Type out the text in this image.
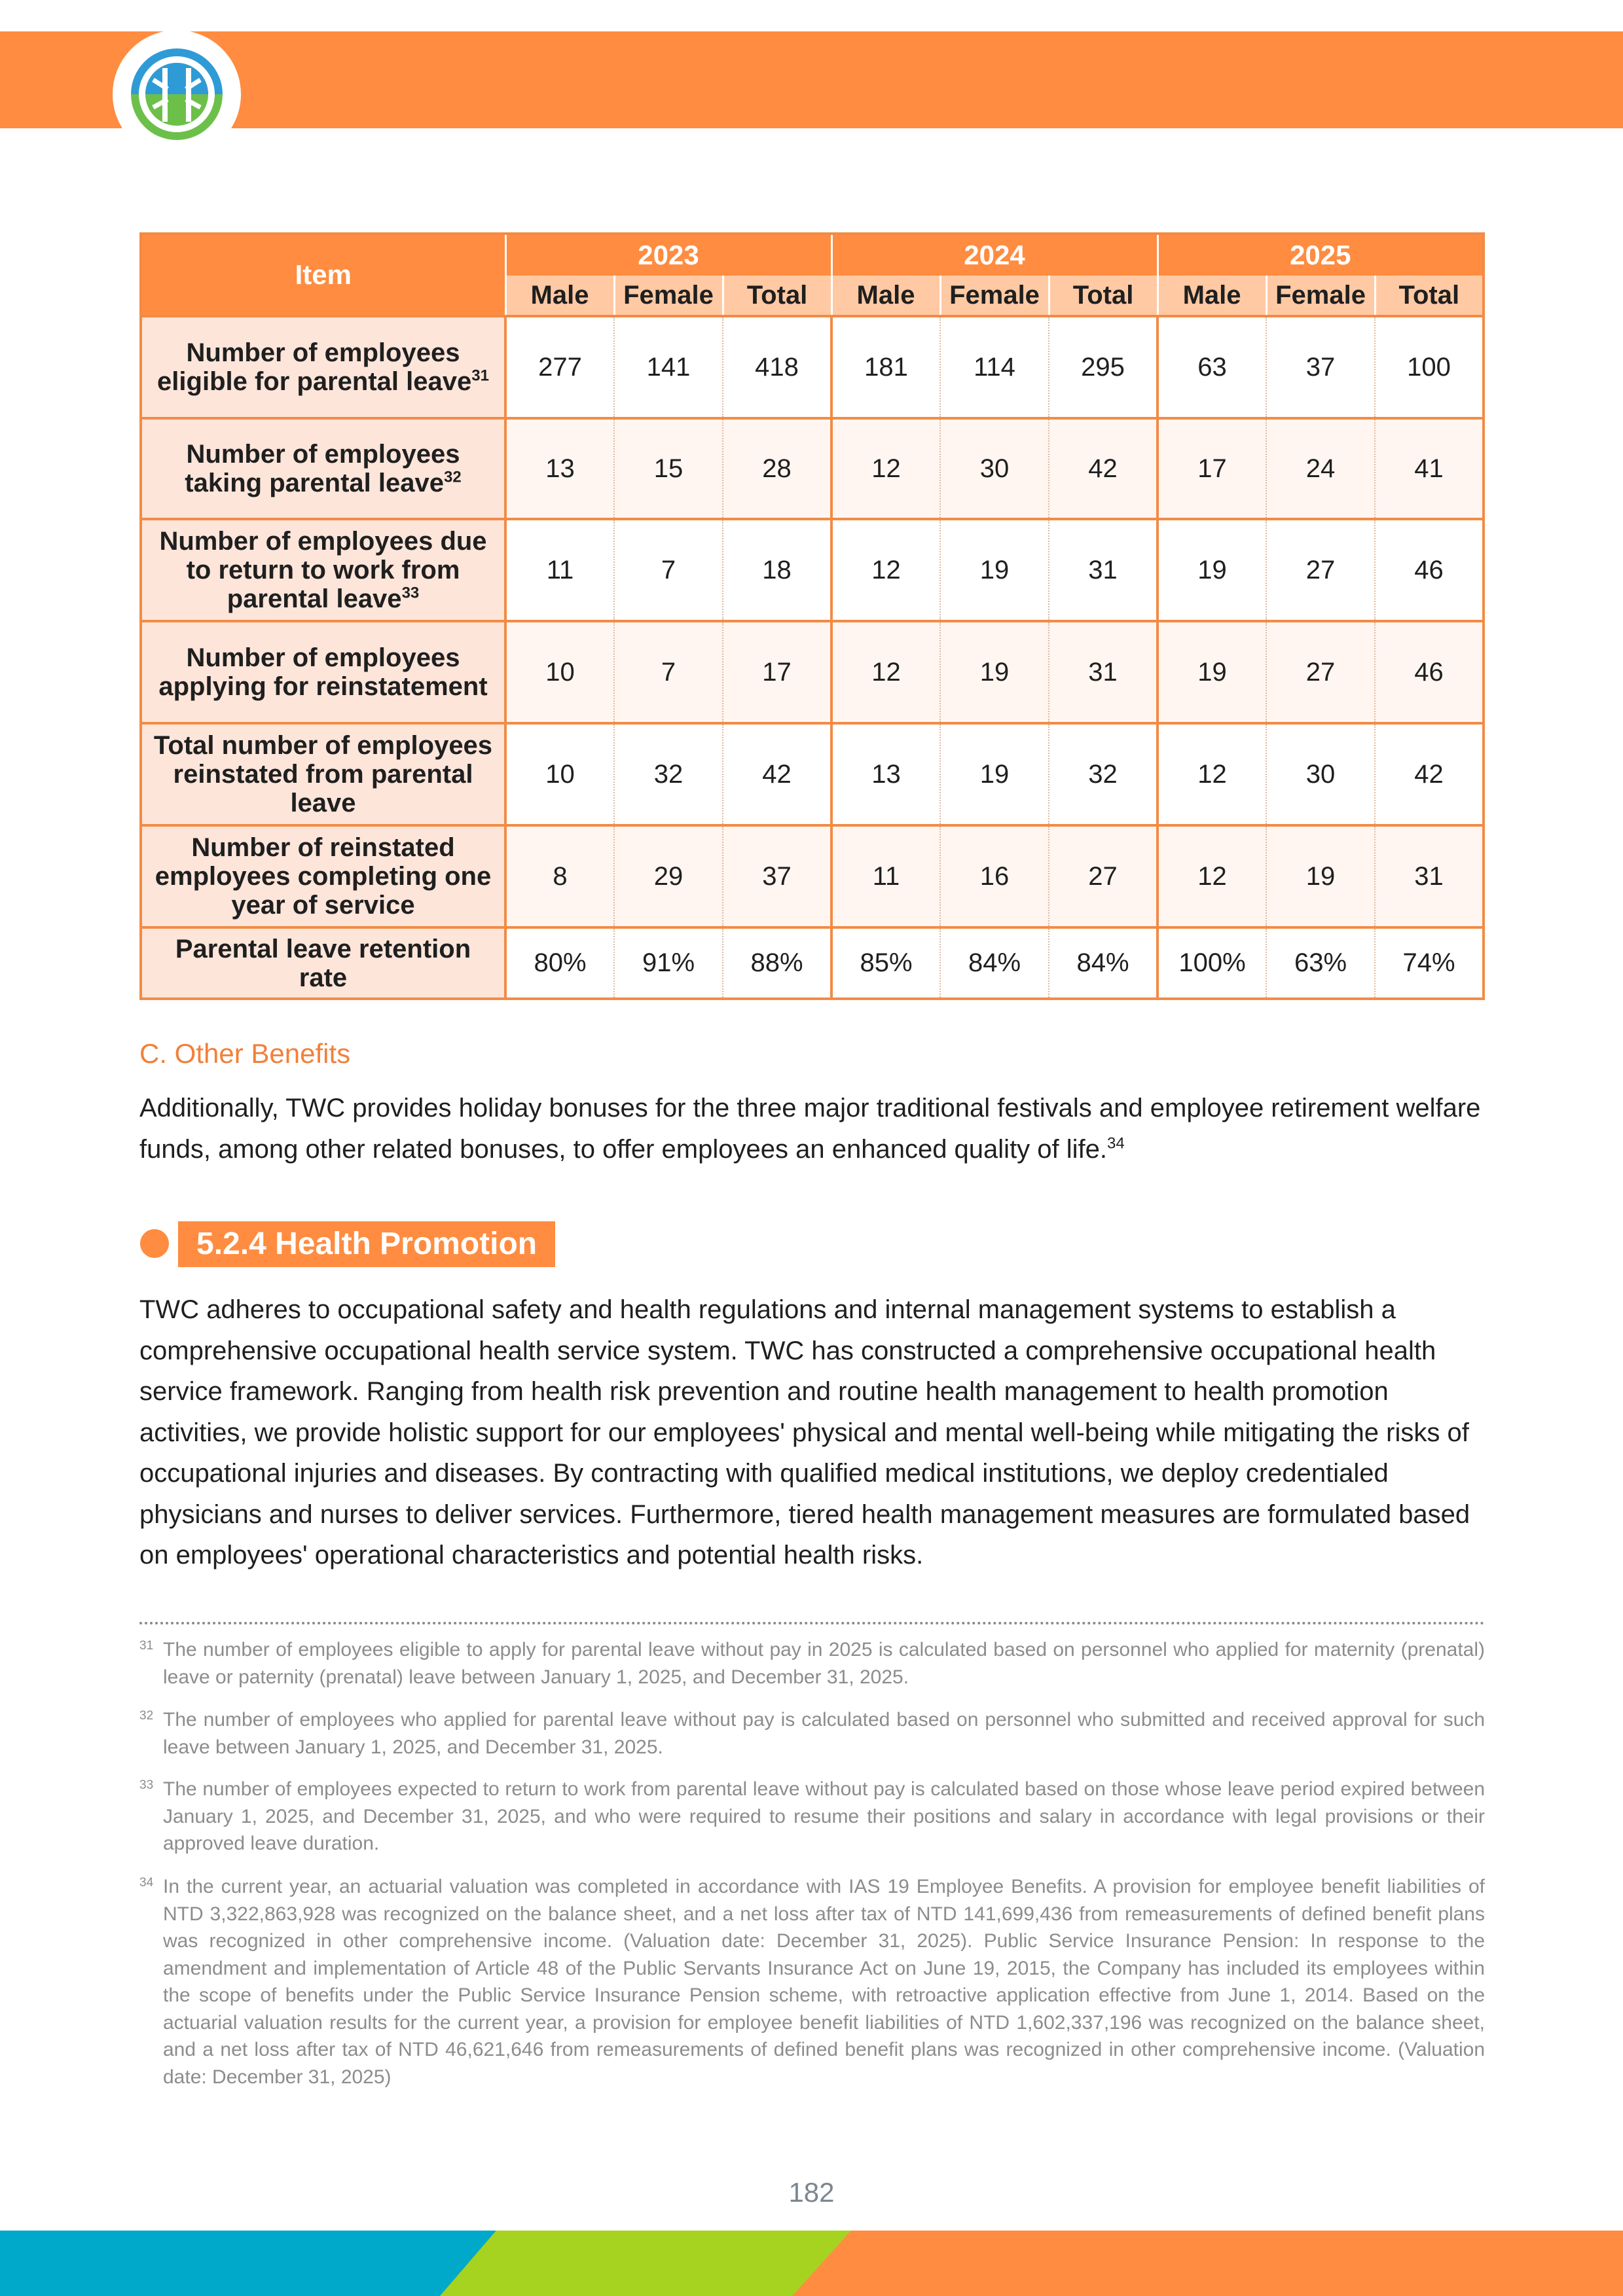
Item	2023			2024			2025		
	Male	Female	Total	Male	Female	Total	Male	Female	Total
Number of employees eligible for parental leave$^{31}$	277	141	418	181	114	295	63	37	100
Number of employees taking parental leave$^{32}$	13	15	28	12	30	42	17	24	41
Number of employees due to return to work from parental leave$^{33}$	11	7	18	12	19	31	19	27	46
Number of employees applying for reinstatement	10	7	17	12	19	31	19	27	46
Total number of employees reinstated from parental leave	10	32	42	13	19	32	12	30	42
Number of reinstated employees completing one year of service	8	29	37	11	16	27	12	19	31
Parental leave retention rate	80%	91%	88%	85%	84%	84%	100%	63%	74%
C. Other Benefits
Additionally, TWC provides holiday bonuses for the three major traditional festivals and employee retirement welfare funds, among other related bonuses, to offer employees an enhanced quality of life.$^{34}$
5.2.4 Health Promotion
TWC adheres to occupational safety and health regulations and internal management systems to establish a comprehensive occupational health service system. TWC has constructed a comprehensive occupational health service framework. Ranging from health risk prevention and routine health management to health promotion activities, we provide holistic support for our employees' physical and mental well-being while mitigating the risks of occupational injuries and diseases. By contracting with qualified medical institutions, we deploy credentialed physicians and nurses to deliver services. Furthermore, tiered health management measures are formulated based on employees' operational characteristics and potential health risks.
31 The number of employees eligible to apply for parental leave without pay in 2025 is calculated based on personnel who applied for maternity (prenatal) leave or paternity (prenatal) leave between January 1, 2025, and December 31, 2025.
32 The number of employees who applied for parental leave without pay is calculated based on personnel who submitted and received approval for such leave between January 1, 2025, and December 31, 2025.
33 The number of employees expected to return to work from parental leave without pay is calculated based on those whose leave period expired between January 1, 2025, and December 31, 2025, and who were required to resume their positions and salary in accordance with legal provisions or their approved leave duration.
34 In the current year, an actuarial valuation was completed in accordance with IAS 19 Employee Benefits. A provision for employee benefit liabilities of NTD 3,322,863,928 was recognized on the balance sheet, and a net loss after tax of NTD 141,699,436 from remeasurements of defined benefit plans was recognized in other comprehensive income. (Valuation date: December 31, 2025). Public Service Insurance Pension: In response to the amendment and implementation of Article 48 of the Public Servants Insurance Act on June 19, 2015, the Company has included its employees within the scope of benefits under the Public Service Insurance Pension scheme, with retroactive application effective from June 1, 2014. Based on the actuarial valuation results for the current year, a provision for employee benefit liabilities of NTD 1,602,337,196 was recognized on the balance sheet, and a net loss after tax of NTD 46,621,646 from remeasurements of defined benefit plans was recognized in other comprehensive income. (Valuation date: December 31, 2025)
182
